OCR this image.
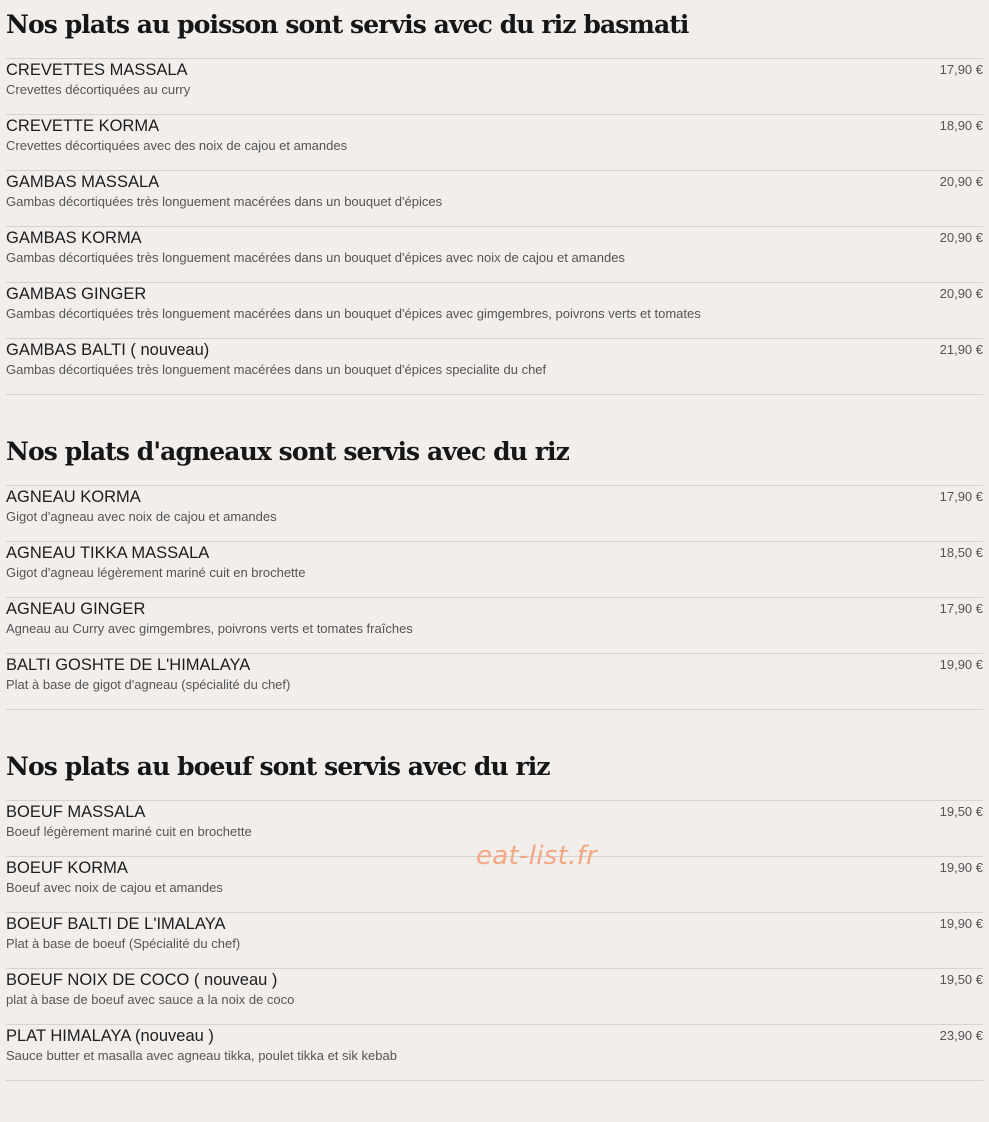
Nos plats au poisson sont servis avec du riz basmati
CREVETTES MASSALA	17,90 €
Crevettes décortiquées au curry
CREVETTE KORMA	18,90 €
Crevettes décortiquées avec des noix de cajou et amandes
GAMBAS MASSALA	20,90 €
Gambas décortiquées très longuement macérées dans un bouquet d'épices
GAMBAS KORMA	20,90 €
Gambas décortiquées très longuement macérées dans un bouquet d'épices avec noix de cajou et amandes
GAMBAS GINGER	20,90 €
Gambas décortiquées très longuement macérées dans un bouquet d'épices avec gimgembres, poivrons verts et tomates
GAMBAS BALTI ( nouveau)	21,90 €
Gambas décortiquées très longuement macérées dans un bouquet d'épices specialite du chef
Nos plats d'agneaux sont servis avec du riz
AGNEAU KORMA	17,90 €
Gigot d'agneau avec noix de cajou et amandes
AGNEAU TIKKA MASSALA	18,50 €
Gigot d'agneau légèrement mariné cuit en brochette
AGNEAU GINGER	17,90 €
Agneau au Curry avec gimgembres, poivrons verts et tomates fraîches
BALTI GOSHTE DE L'HIMALAYA	19,90 €
Plat à base de gigot d'agneau (spécialité du chef)
Nos plats au boeuf sont servis avec du riz
BOEUF MASSALA	19,50 €
Boeuf légèrement mariné cuit en brochette
BOEUF KORMA	19,90 €
Boeuf avec noix de cajou et amandes
BOEUF BALTI DE L'IMALAYA	19,90 €
Plat à base de boeuf (Spécialité du chef)
BOEUF NOIX DE COCO ( nouveau )	19,50 €
plat à base de boeuf avec sauce a la noix de coco
PLAT HIMALAYA (nouveau )	23,90 €
Sauce butter et masalla avec agneau tikka, poulet tikka et sik kebab
eat-list.fr
